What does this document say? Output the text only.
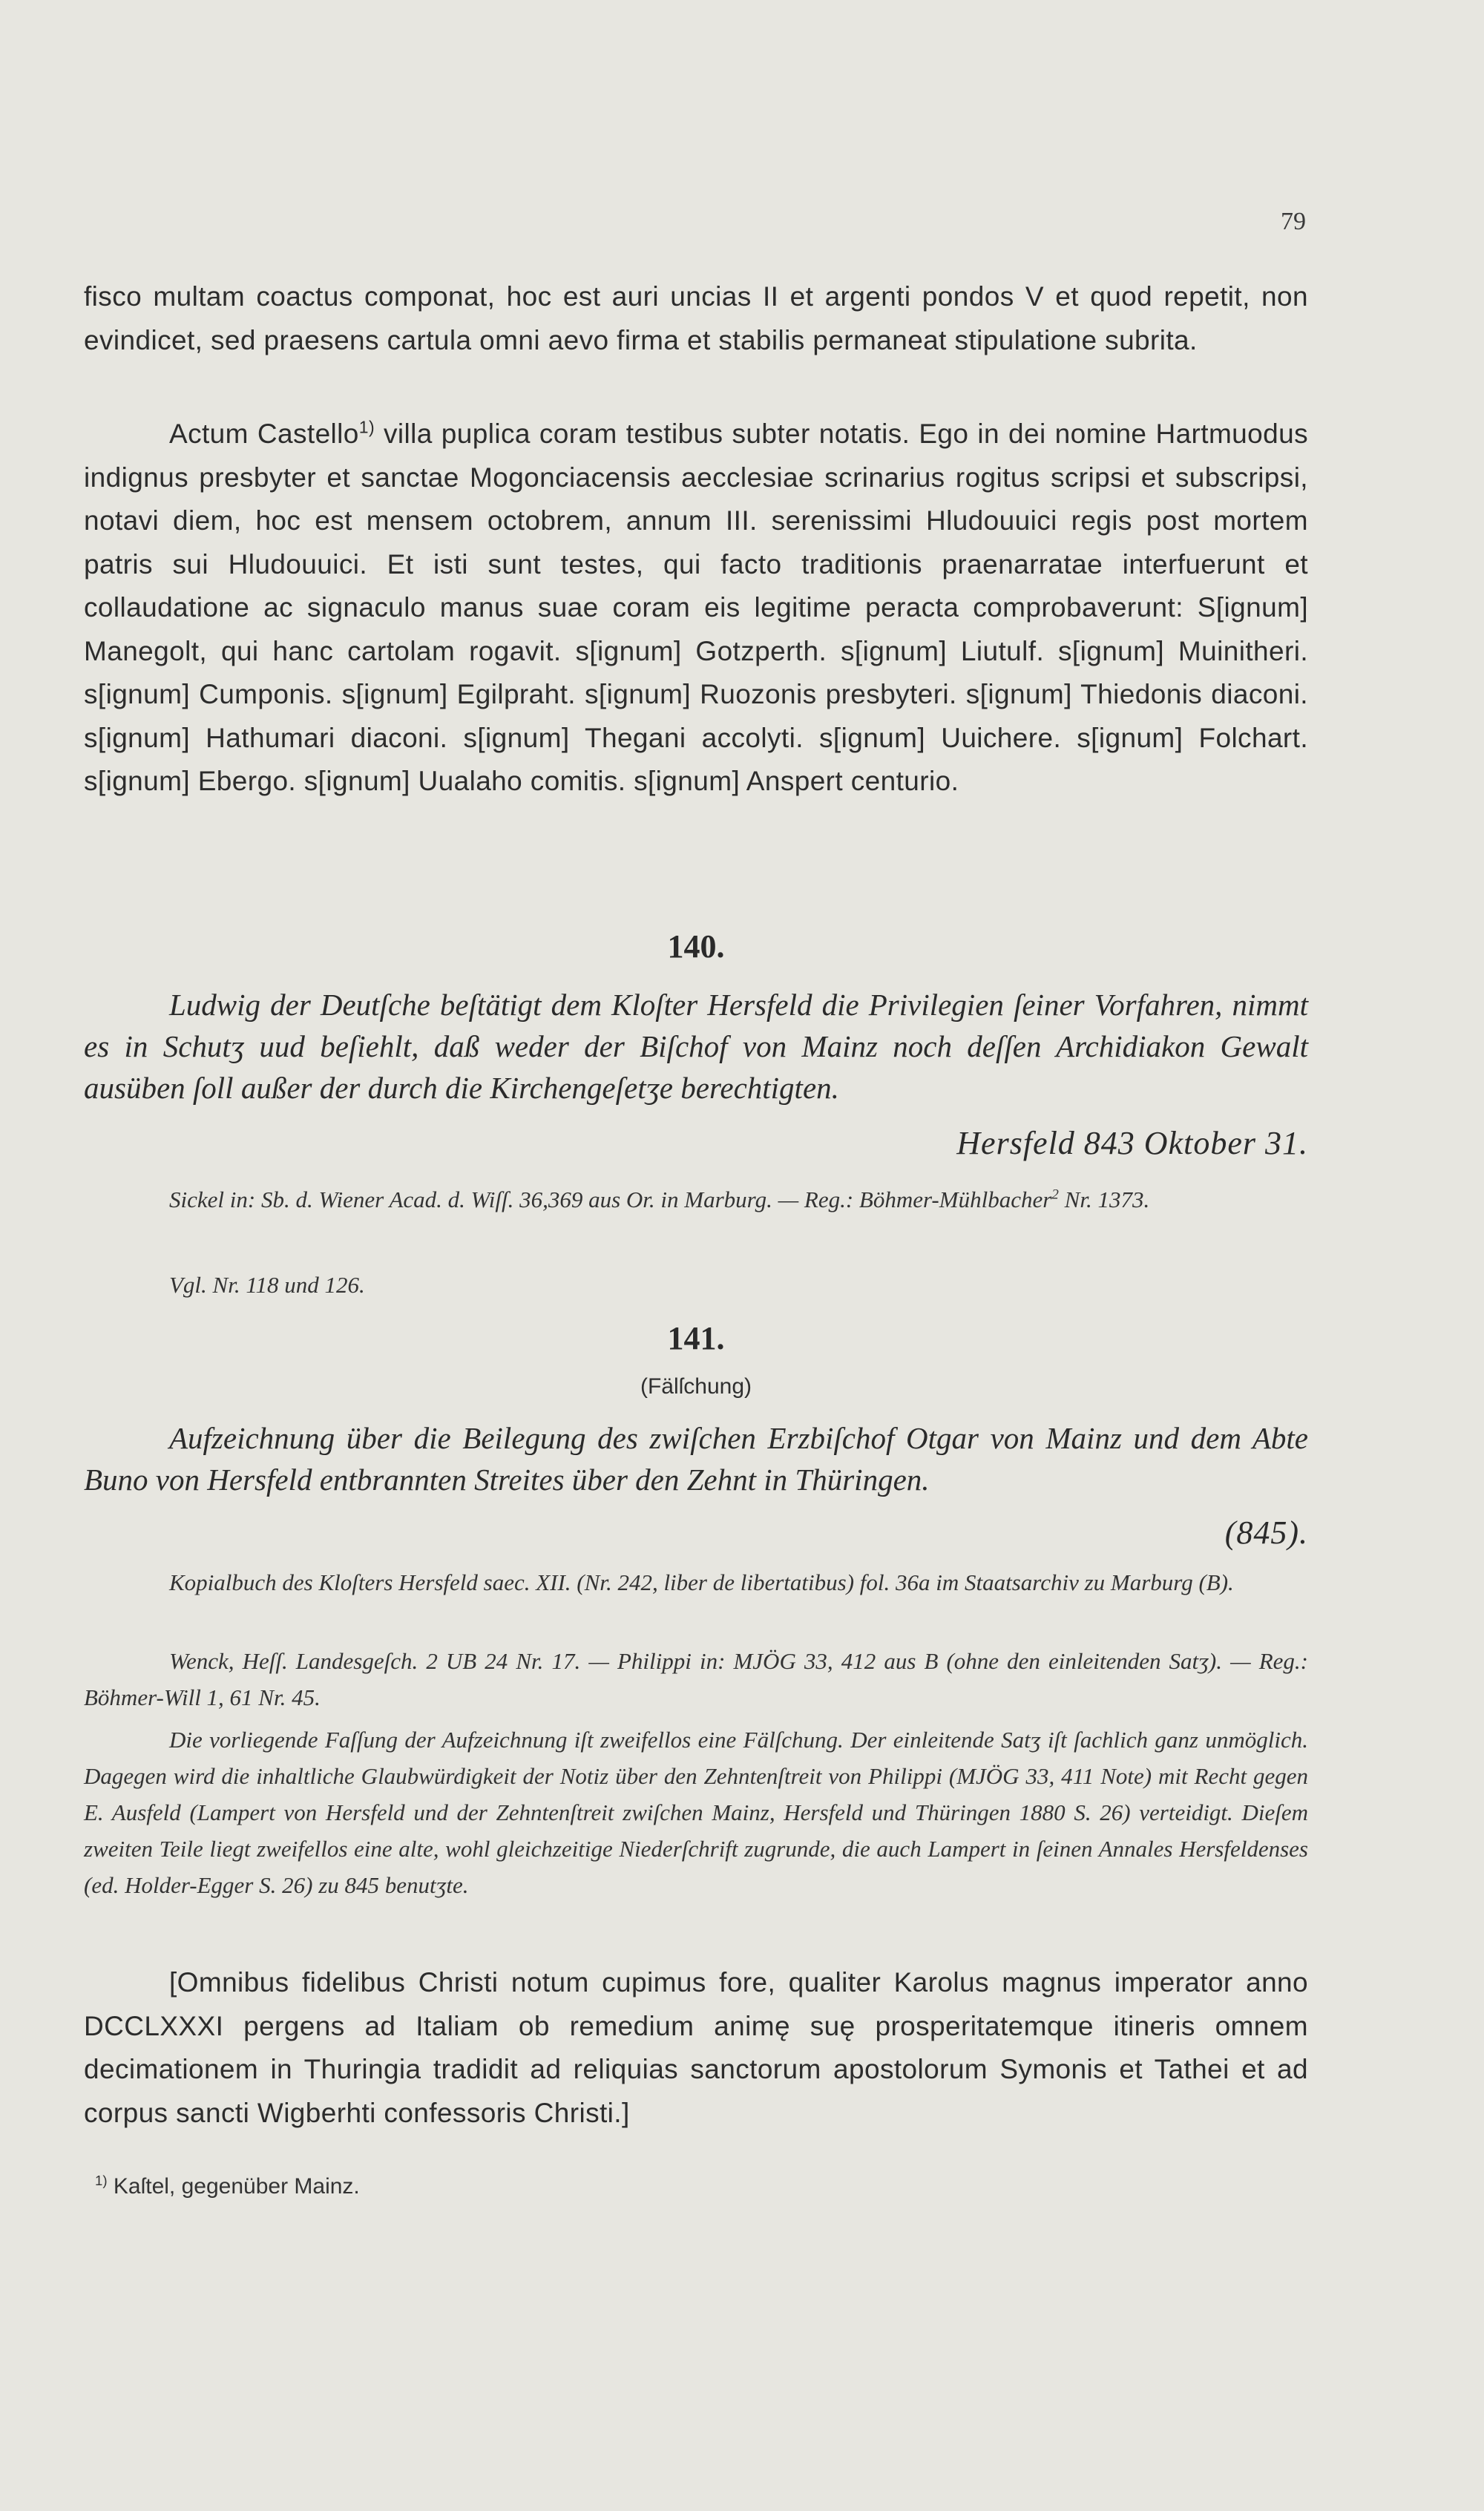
79

fisco multam coactus componat, hoc est auri uncias II et argenti pondos V et quod repetit, non evindicet, sed praesens cartula omni aevo firma et stabilis permaneat stipulatione subrita.

Actum Castello$^{1)}$ villa puplica coram testibus subter notatis. Ego in dei nomine Hartmuodus indignus presbyter et sanctae Mogonciacensis aecclesiae scrinarius rogitus scripsi et subscripsi, notavi diem, hoc est mensem octobrem, annum III. serenissimi Hludouuici regis post mortem patris sui Hludouuici. Et isti sunt testes, qui facto traditionis praenarratae interfuerunt et collaudatione ac signaculo manus suae coram eis legitime peracta comprobaverunt: S[ignum] Manegolt, qui hanc cartolam rogavit. s[ignum] Gotzperth. s[ignum] Liutulf. s[ignum] Muinitheri. s[ignum] Cumponis. s[ignum] Egilpraht. s[ignum] Ruozonis presbyteri. s[ignum] Thiedonis diaconi. s[ignum] Hathumari diaconi. s[ignum] Thegani accolyti. s[ignum] Uuichere. s[ignum] Folchart. s[ignum] Ebergo. s[ignum] Uualaho comitis. s[ignum] Anspert centurio.

140.

Ludwig der Deutſche beſtätigt dem Kloſter Hersfeld die Privilegien ſeiner Vorfahren, nimmt es in Schutʒ uud beſiehlt, daß weder der Biſchof von Mainz noch deſſen Archidiakon Gewalt ausüben ſoll außer der durch die Kirchengeſetʒe berechtigten.

Hersfeld 843 Oktober 31.

Sickel in: Sb. d. Wiener Acad. d. Wiſſ. 36,369 aus Or. in Marburg. — Reg.: Böhmer-Mühlbacher$^2$ Nr. 1373.

Vgl. Nr. 118 und 126.

141.

(Fälſchung)

Aufzeichnung über die Beilegung des zwiſchen Erzbiſchof Otgar von Mainz und dem Abte Buno von Hersfeld entbrannten Streites über den Zehnt in Thüringen.

(845).

Kopialbuch des Kloſters Hersfeld saec. XII. (Nr. 242, liber de libertatibus) fol. 36a im Staatsarchiv zu Marburg (B).

Wenck, Heſſ. Landesgeſch. 2 UB 24 Nr. 17. — Philippi in: MJÖG 33, 412 aus B (ohne den einleitenden Satʒ). — Reg.: Böhmer-Will 1, 61 Nr. 45.

Die vorliegende Faſſung der Aufzeichnung iſt zweifellos eine Fälſchung. Der einleitende Satʒ iſt ſachlich ganz unmöglich. Dagegen wird die inhaltliche Glaubwürdigkeit der Notiz über den Zehntenſtreit von Philippi (MJÖG 33, 411 Note) mit Recht gegen E. Ausfeld (Lampert von Hersfeld und der Zehntenſtreit zwiſchen Mainz, Hersfeld und Thüringen 1880 S. 26) verteidigt. Dieſem zweiten Teile liegt zweifellos eine alte, wohl gleichzeitige Niederſchrift zugrunde, die auch Lampert in ſeinen Annales Hersfeldenses (ed. Holder-Egger S. 26) zu 845 benutʒte.

[Omnibus fidelibus Christi notum cupimus fore, qualiter Karolus magnus imperator anno DCCLXXXI pergens ad Italiam ob remedium animę suę prosperitatemque itineris omnem decimationem in Thuringia tradidit ad reliquias sanctorum apostolorum Symonis et Tathei et ad corpus sancti Wigberhti confessoris Christi.]

$^{1)}$ Kaſtel, gegenüber Mainz.
